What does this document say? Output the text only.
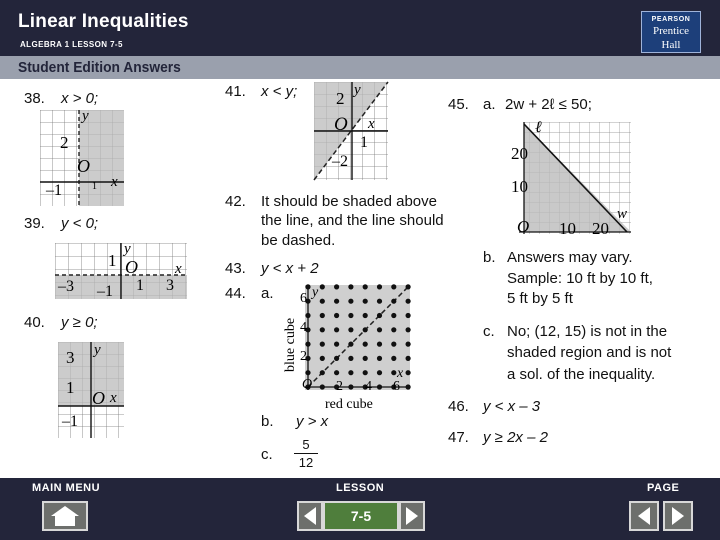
Linear Inequalities
ALGEBRA 1 LESSON 7-5
PEARSON
Prentice
Hall
Student Edition Answers
38. x > 0;
y
2
O
–1	1 x
39. y < 0;
y
1 O x
–3 –1 1 3
40. y ≥ 0;
y
3
1
O x
–1
41. x < y;	y
2
O x
1
–2
42. It should be shaded above
the line, and the line should
be dashed.
43. y < x + 2
44. a.	y
6
4
2
O 2 4 6
x
red cube
blue cube
b. y > x
c.
5
12
45. a. 2w + 2ℓ ≤ 50;
ℓ
20
10
w
O 10 20
b. Answers may vary.
Sample: 10 ft by 10 ft,
5 ft by 5 ft
c. No; (12, 15) is not in the
shaded region and is not
a sol. of the inequality.
46. y < x – 3
47. y ≥ 2x – 2
MAIN MENU	LESSON	PAGE
7-5
